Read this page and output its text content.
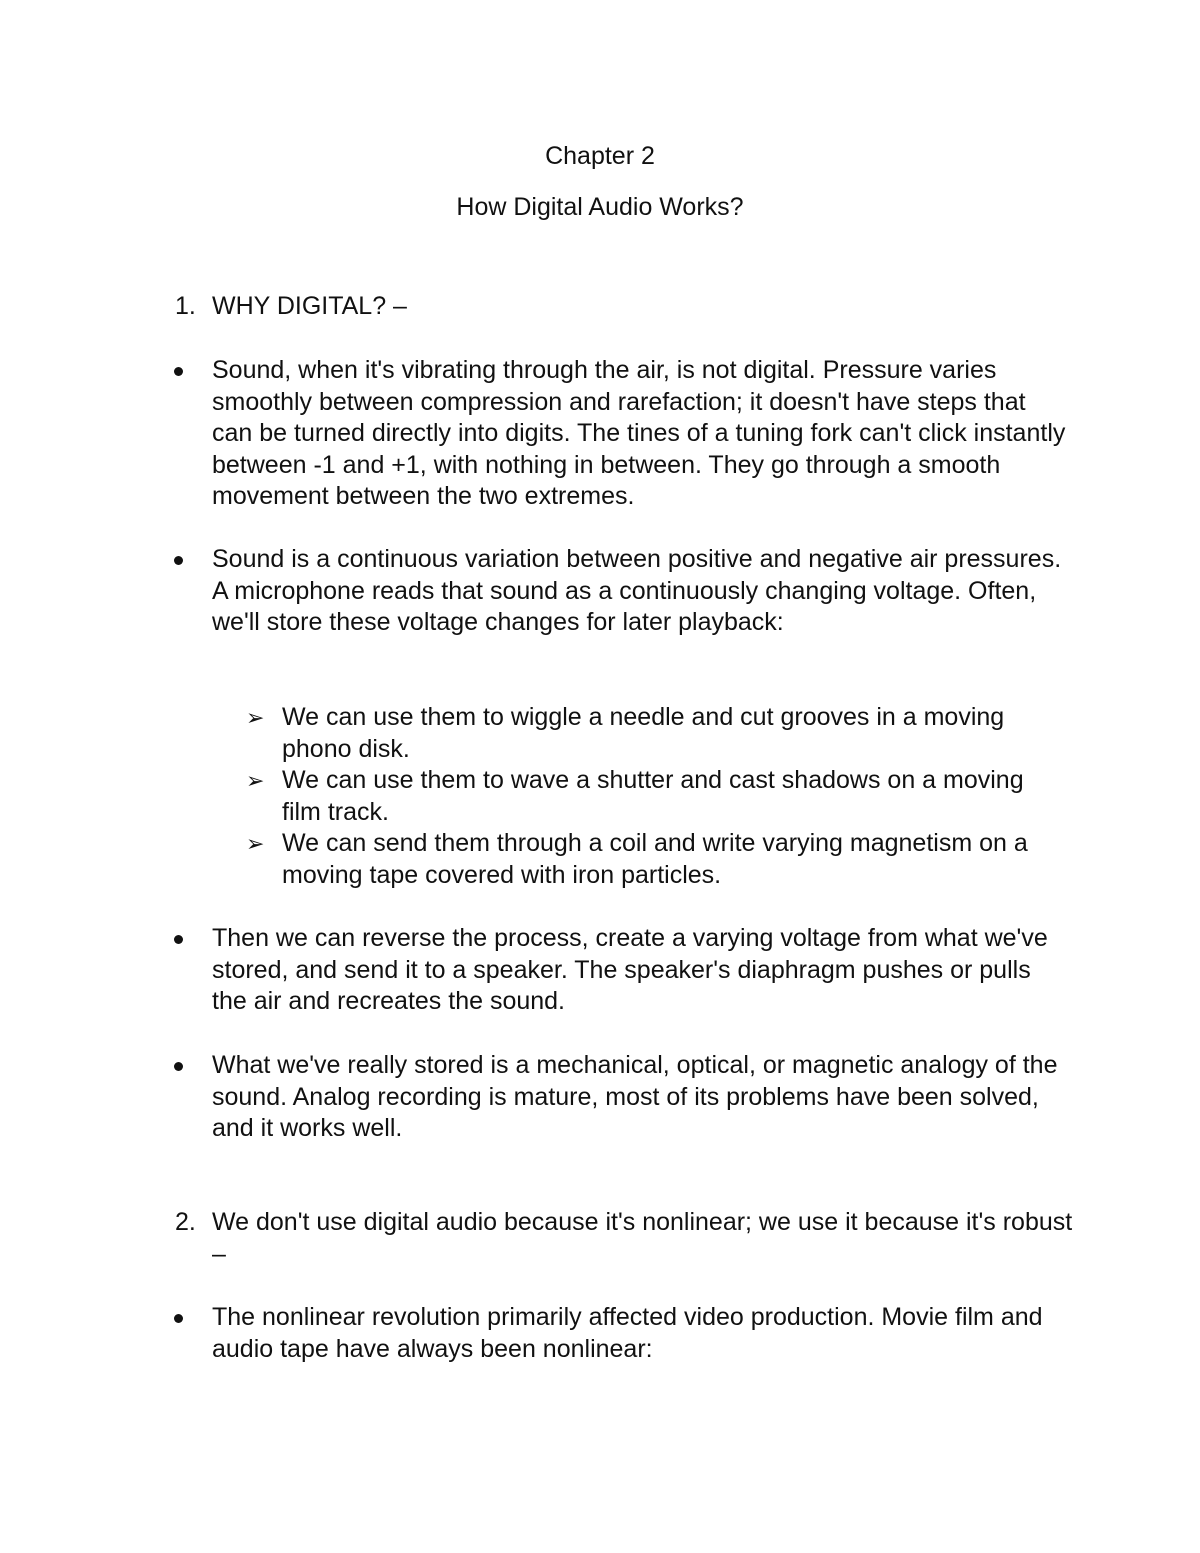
Chapter 2
How Digital Audio Works?
1. WHY DIGITAL? –
Sound, when it's vibrating through the air, is not digital. Pressure varies smoothly between compression and rarefaction; it doesn't have steps that can be turned directly into digits. The tines of a tuning fork can't click instantly between -1 and +1, with nothing in between. They go through a smooth movement between the two extremes.
Sound is a continuous variation between positive and negative air pressures. A microphone reads that sound as a continuously changing voltage. Often, we'll store these voltage changes for later playback:
➢ We can use them to wiggle a needle and cut grooves in a moving phono disk.
➢ We can use them to wave a shutter and cast shadows on a moving film track.
➢ We can send them through a coil and write varying magnetism on a moving tape covered with iron particles.
Then we can reverse the process, create a varying voltage from what we've stored, and send it to a speaker. The speaker's diaphragm pushes or pulls the air and recreates the sound.
What we've really stored is a mechanical, optical, or magnetic analogy of the sound. Analog recording is mature, most of its problems have been solved, and it works well.
2. We don't use digital audio because it's nonlinear; we use it because it's robust –
The nonlinear revolution primarily affected video production. Movie film and audio tape have always been nonlinear:
